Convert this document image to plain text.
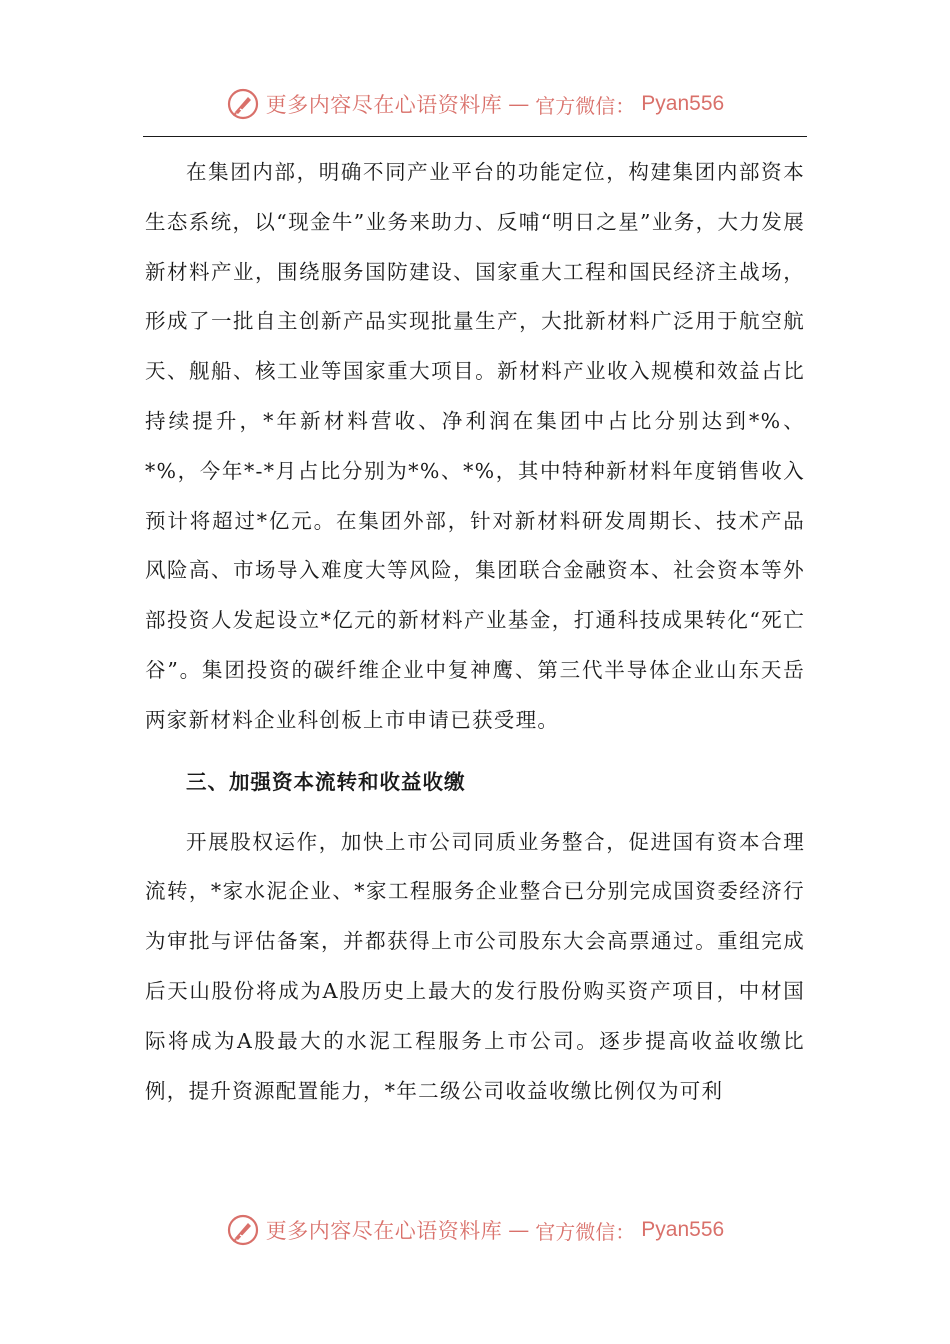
更多内容尽在心语资料库 — 官方微信： Pyan556

在集团内部，明确不同产业平台的功能定位，构建集团内部资本生态系统，以“现金牛”业务来助力、反哺“明日之星”业务，大力发展新材料产业，围绕服务国防建设、国家重大工程和国民经济主战场，形成了一批自主创新产品实现批量生产，大批新材料广泛用于航空航天、舰船、核工业等国家重大项目。新材料产业收入规模和效益占比持续提升，*年新材料营收、净利润在集团中占比分别达到*%、*%，今年*-*月占比分别为*%、*%，其中特种新材料年度销售收入预计将超过*亿元。在集团外部，针对新材料研发周期长、技术产品风险高、市场导入难度大等风险，集团联合金融资本、社会资本等外部投资人发起设立*亿元的新材料产业基金，打通科技成果转化“死亡谷”。集团投资的碳纤维企业中复神鹰、第三代半导体企业山东天岳两家新材料企业科创板上市申请已获受理。

三、加强资本流转和收益收缴

开展股权运作，加快上市公司同质业务整合，促进国有资本合理流转，*家水泥企业、*家工程服务企业整合已分别完成国资委经济行为审批与评估备案，并都获得上市公司股东大会高票通过。重组完成后天山股份将成为A股历史上最大的发行股份购买资产项目，中材国际将成为A股最大的水泥工程服务上市公司。逐步提高收益收缴比例，提升资源配置能力，*年二级公司收益收缴比例仅为可利

更多内容尽在心语资料库 — 官方微信： Pyan556
